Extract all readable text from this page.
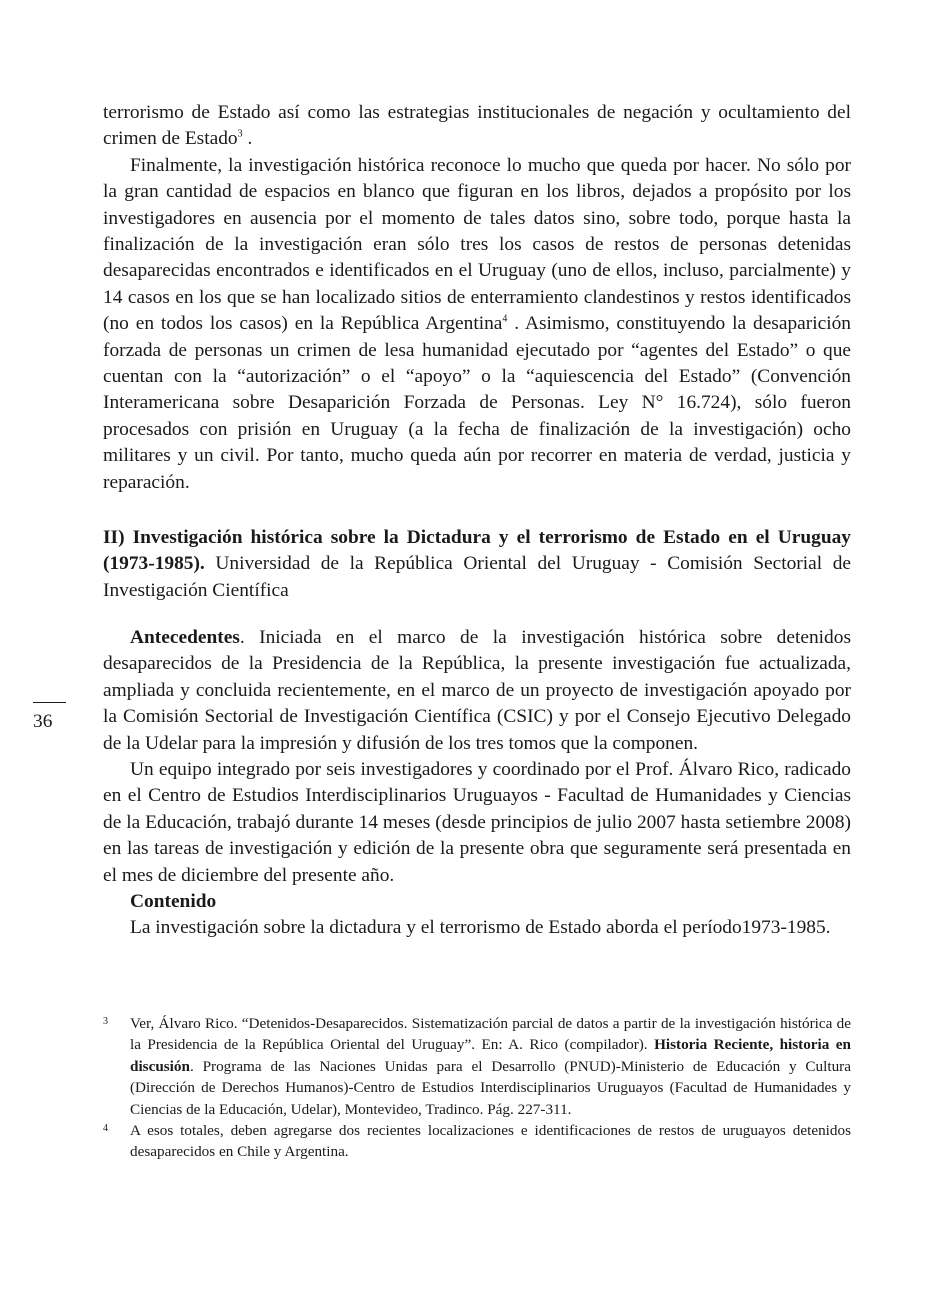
terrorismo de Estado así como las estrategias institucionales de negación y ocultamiento del crimen de Estado$^3$ .

Finalmente, la investigación histórica reconoce lo mucho que queda por hacer. No sólo por la gran cantidad de espacios en blanco que figuran en los libros, dejados a propósito por los investigadores en ausencia por el momento de tales datos sino, sobre todo, porque hasta la finalización de la investigación eran sólo tres los casos de restos de personas detenidas desaparecidas encontrados e identificados en el Uruguay (uno de ellos, incluso, parcialmente) y 14 casos en los que se han localizado sitios de enterramiento clandestinos y restos identificados (no en todos los casos) en la República Argentina$^4$ . Asimismo, constituyendo la desaparición forzada de personas un crimen de lesa humanidad ejecutado por “agentes del Estado” o que cuentan con la “autorización” o el “apoyo” o la “aquiescencia del Estado” (Convención Interamericana sobre Desaparición Forzada de Personas. Ley N° 16.724), sólo fueron procesados con prisión en Uruguay (a la fecha de finalización de la investigación) ocho militares y un civil. Por tanto, mucho queda aún por recorrer en materia de verdad, justicia y reparación.

II) Investigación histórica sobre la Dictadura y el terrorismo de Estado en el Uruguay (1973-1985). Universidad de la República Oriental del Uruguay - Comisión Sectorial de Investigación Científica

Antecedentes. Iniciada en el marco de la investigación histórica sobre detenidos desaparecidos de la Presidencia de la República, la presente investigación fue actualizada, ampliada y concluida recientemente, en el marco de un proyecto de investigación apoyado por la Comisión Sectorial de Investigación Científica (CSIC) y por el Consejo Ejecutivo Delegado de la Udelar para la impresión y difusión de los tres tomos que la componen.

Un equipo integrado por seis investigadores y coordinado por el Prof. Álvaro Rico, radicado en el Centro de Estudios Interdisciplinarios Uruguayos - Facultad de Humanidades y Ciencias de la Educación, trabajó durante 14 meses (desde principios de julio 2007 hasta setiembre 2008) en las tareas de investigación y edición de la presente obra que seguramente será presentada en el mes de diciembre del presente año.

Contenido

La investigación sobre la dictadura y el terrorismo de Estado aborda el período1973-1985.

36

3 Ver, Álvaro Rico. “Detenidos-Desaparecidos. Sistematización parcial de datos a partir de la investigación histórica de la Presidencia de la República Oriental del Uruguay”. En: A. Rico (compilador). Historia Reciente, historia en discusión. Programa de las Naciones Unidas para el Desarrollo (PNUD)-Ministerio de Educación y Cultura (Dirección de Derechos Humanos)-Centro de Estudios Interdisciplinarios Uruguayos (Facultad de Humanidades y Ciencias de la Educación, Udelar), Montevideo, Tradinco. Pág. 227-311.

4 A esos totales, deben agregarse dos recientes localizaciones e identificaciones de restos de uruguayos detenidos desaparecidos en Chile y Argentina.
